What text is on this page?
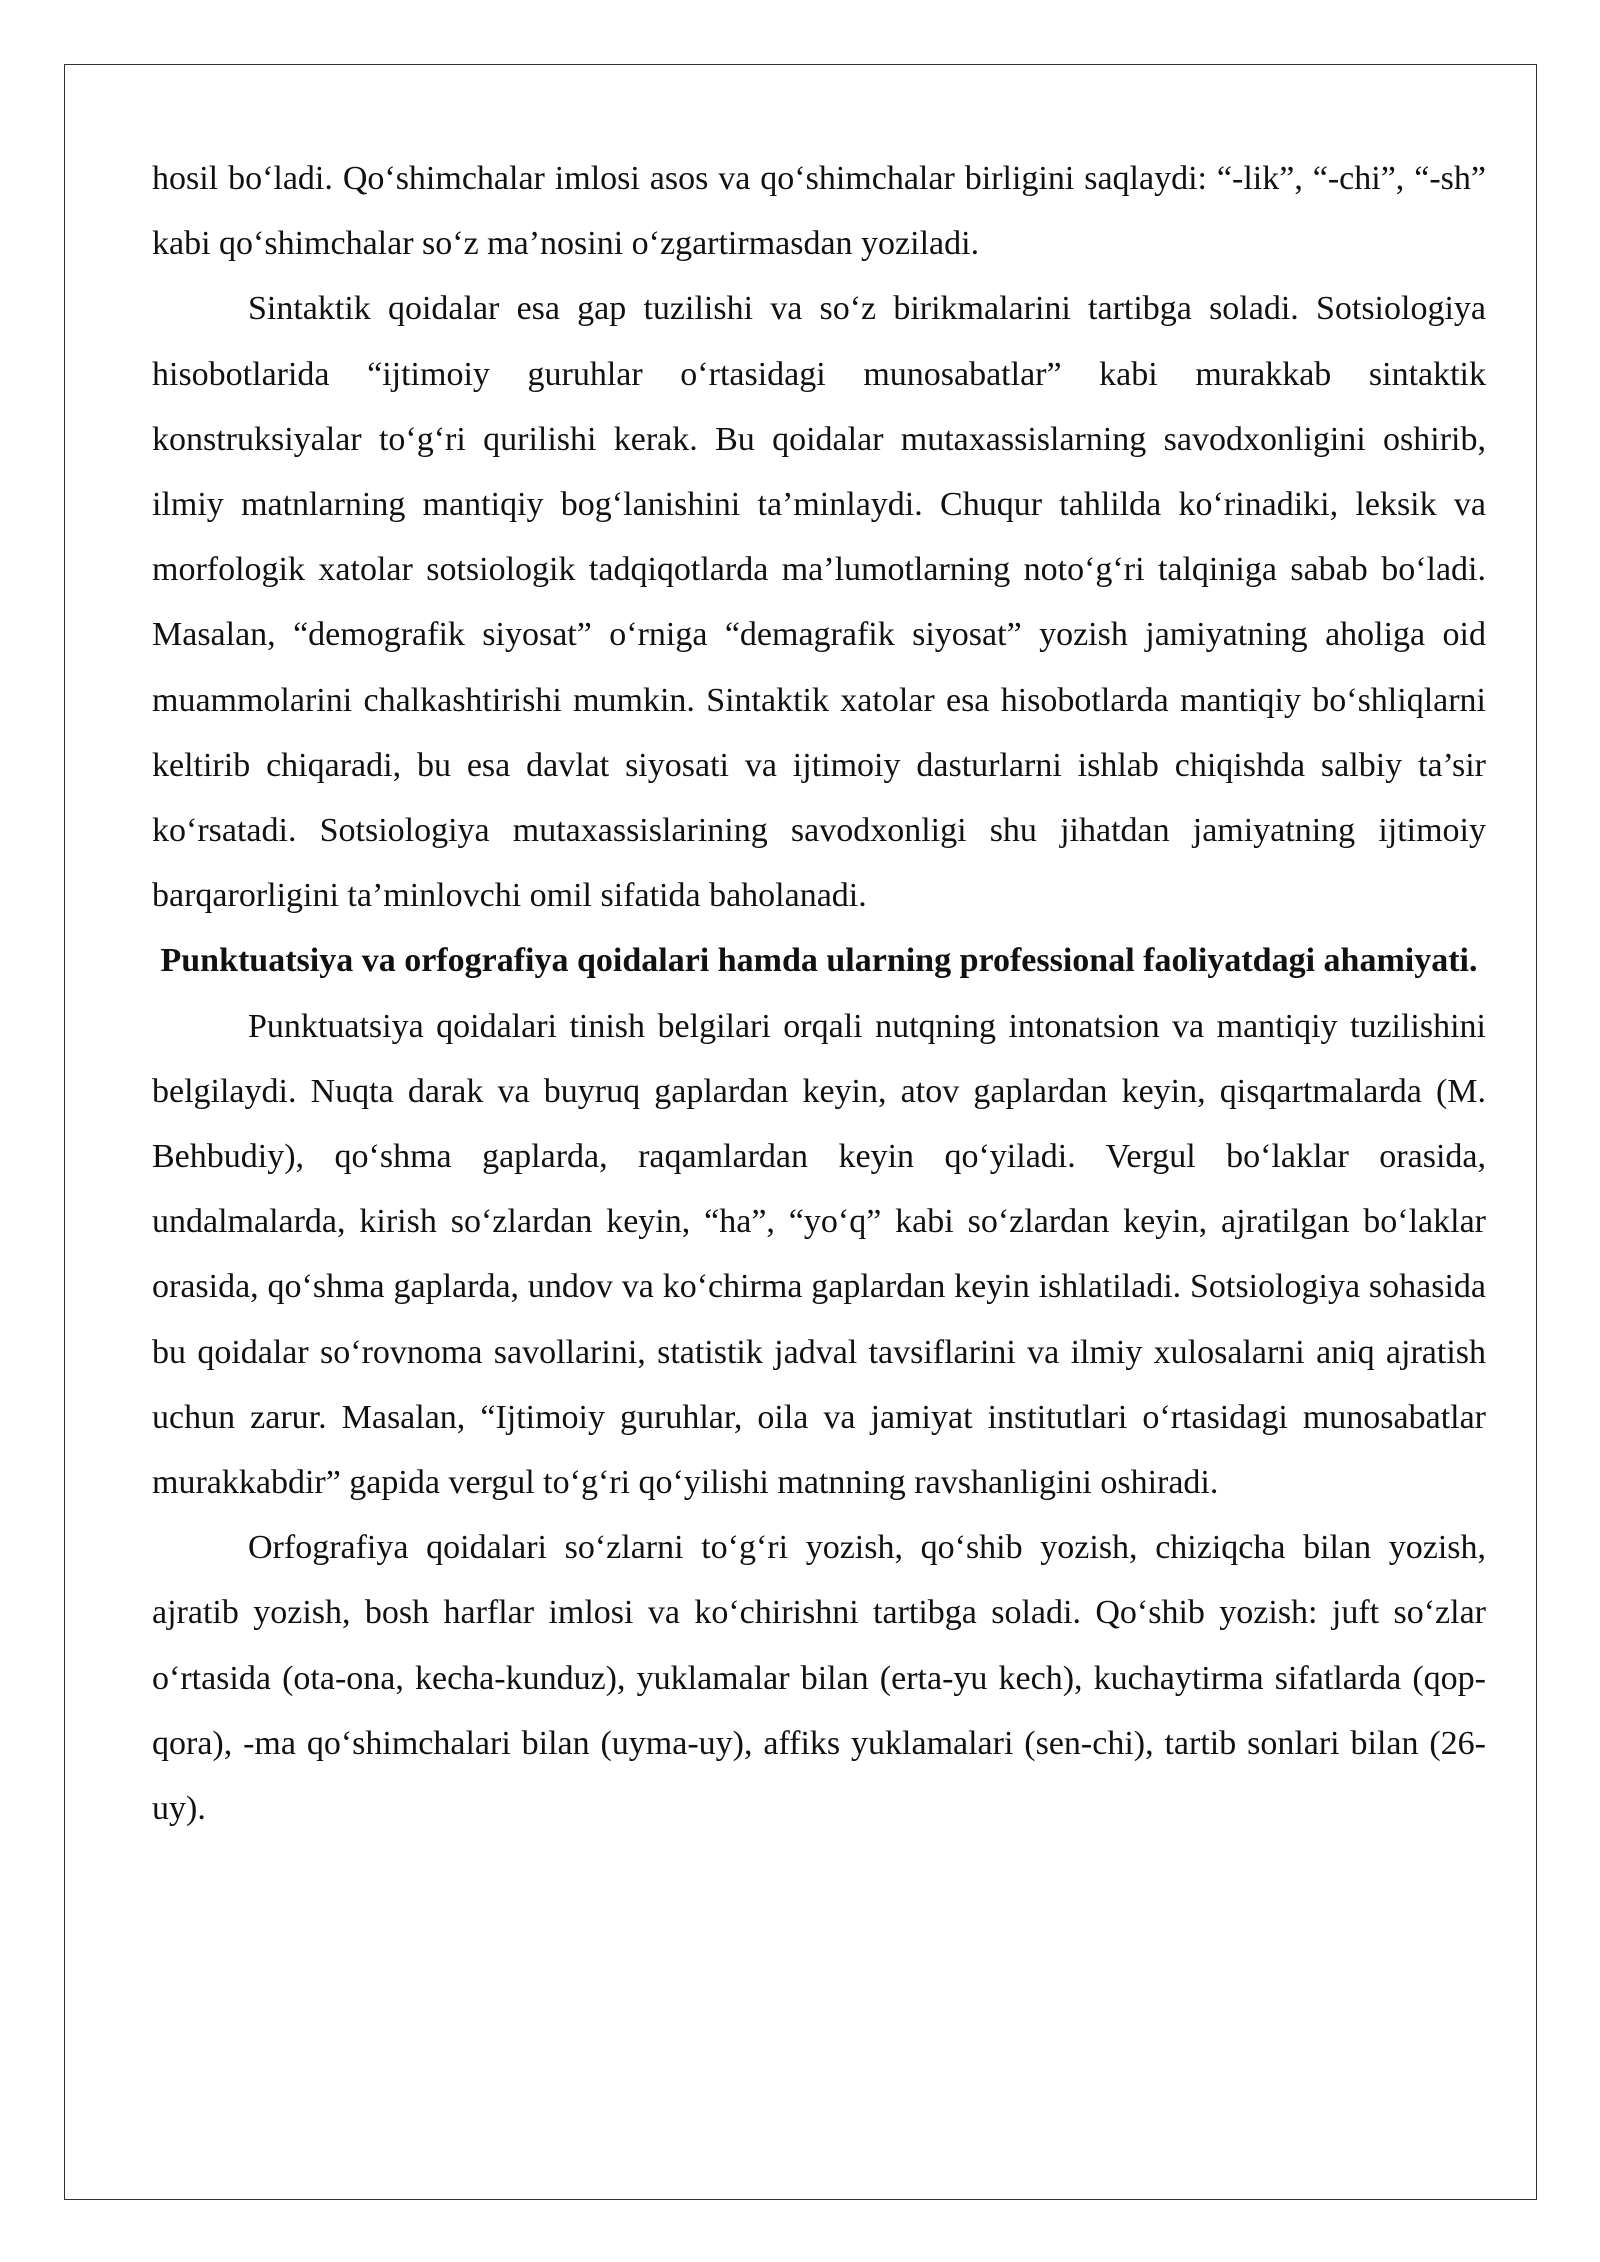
hosil bo‘ladi. Qo‘shimchalar imlosi asos va qo‘shimchalar birligini saqlaydi: “-lik”, “-chi”, “-sh” kabi qo‘shimchalar so‘z ma’nosini o‘zgartirmasdan yoziladi.

Sintaktik qoidalar esa gap tuzilishi va so‘z birikmalarini tartibga soladi. Sotsiologiya hisobotlarida “ijtimoiy guruhlar o‘rtasidagi munosabatlar” kabi murakkab sintaktik konstruksiyalar to‘g‘ri qurilishi kerak. Bu qoidalar mutaxassislarning savodxonligini oshirib, ilmiy matnlarning mantiqiy bog‘lanishini ta’minlaydi. Chuqur tahlilda ko‘rinadiki, leksik va morfologik xatolar sotsiologik tadqiqotlarda ma’lumotlarning noto‘g‘ri talqiniga sabab bo‘ladi. Masalan, “demografik siyosat” o‘rniga “demagrafik siyosat” yozish jamiyatning aholiga oid muammolarini chalkashtirishi mumkin. Sintaktik xatolar esa hisobotlarda mantiqiy bo‘shliqlarni keltirib chiqaradi, bu esa davlat siyosati va ijtimoiy dasturlarni ishlab chiqishda salbiy ta’sir ko‘rsatadi. Sotsiologiya mutaxassislarining savodxonligi shu jihatdan jamiyatning ijtimoiy barqarorligini ta’minlovchi omil sifatida baholanadi.

Punktuatsiya va orfografiya qoidalari hamda ularning professional faoliyatdagi ahamiyati.

Punktuatsiya qoidalari tinish belgilari orqali nutqning intonatsion va mantiqiy tuzilishini belgilaydi. Nuqta darak va buyruq gaplardan keyin, atov gaplardan keyin, qisqartmalarda (M. Behbudiy), qo‘shma gaplarda, raqamlardan keyin qo‘yiladi. Vergul bo‘laklar orasida, undalmalarda, kirish so‘zlardan keyin, “ha”, “yo‘q” kabi so‘zlardan keyin, ajratilgan bo‘laklar orasida, qo‘shma gaplarda, undov va ko‘chirma gaplardan keyin ishlatiladi. Sotsiologiya sohasida bu qoidalar so‘rovnoma savollarini, statistik jadval tavsiflarini va ilmiy xulosalarni aniq ajratish uchun zarur. Masalan, “Ijtimoiy guruhlar, oila va jamiyat institutlari o‘rtasidagi munosabatlar murakkabdir” gapida vergul to‘g‘ri qo‘yilishi matnning ravshanligini oshiradi.

Orfografiya qoidalari so‘zlarni to‘g‘ri yozish, qo‘shib yozish, chiziqcha bilan yozish, ajratib yozish, bosh harflar imlosi va ko‘chirishni tartibga soladi. Qo‘shib yozish: juft so‘zlar o‘rtasida (ota-ona, kecha-kunduz), yuklamalar bilan (erta-yu kech), kuchaytirma sifatlarda (qop-qora), -ma qo‘shimchalari bilan (uyma-uy), affiks yuklamalari (sen-chi), tartib sonlari bilan (26-uy).
